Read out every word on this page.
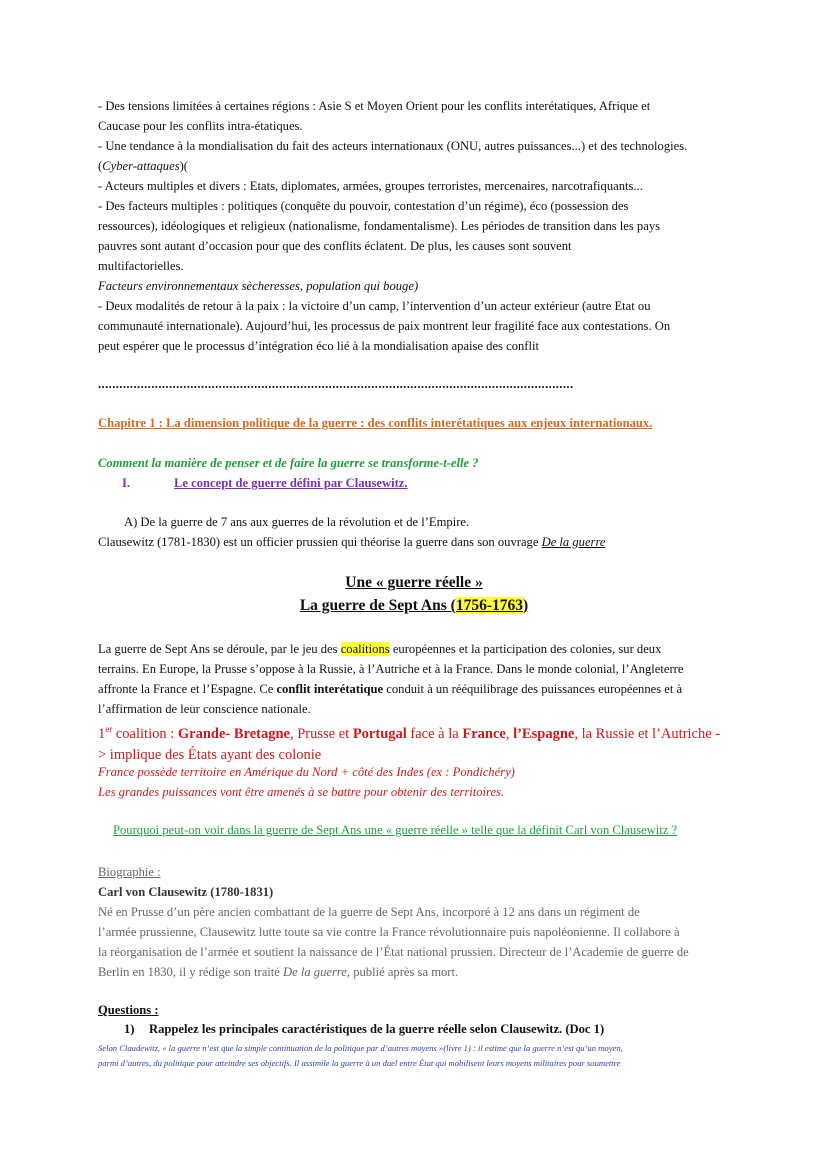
- Des tensions limitées à certaines régions : Asie S et Moyen Orient pour les conflits interétatiques, Afrique et
Caucase pour les conflits intra-étatiques.
- Une tendance à la mondialisation du fait des acteurs internationaux (ONU, autres puissances...) et des technologies.
(Cyber-attaques)(
- Acteurs multiples et divers : Etats, diplomates, armées, groupes terroristes, mercenaires, narcotrafiquants...
- Des facteurs multiples : politiques (conquête du pouvoir, contestation d’un régime), éco (possession des
ressources), idéologiques et religieux (nationalisme, fondamentalisme). Les périodes de transition dans les pays
pauvres sont autant d’occasion pour que des conflits éclatent. De plus, les causes sont souvent
multifactorielles.
Facteurs environnementaux sècheresses, population qui bouge)
- Deux modalités de retour à la paix : la victoire d’un camp, l’intervention d’un acteur extérieur (autre Etat ou
communauté internationale). Aujourd’hui, les processus de paix montrent leur fragilité face aux contestations. On
peut espérer que le processus d’intégration éco lié à la mondialisation apaise des conflit
......................................................................................................................................
Chapitre 1 : La dimension politique de la guerre : des conflits interétatiques aux enjeux internationaux.
Comment la manière de penser et de faire la guerre se transforme-t-elle ?
I.	Le concept de guerre défini par Clausewitz.
A) De la guerre de 7 ans aux guerres de la révolution et de l’Empire.
Clausewitz (1781-1830) est un officier prussien qui théorise la guerre dans son ouvrage De la guerre
Une « guerre réelle »
La guerre de Sept Ans (1756-1763)
La guerre de Sept Ans se déroule, par le jeu des coalitions européennes et la participation des colonies, sur deux
terrains. En Europe, la Prusse s’oppose à la Russie, à l’Autriche et à la France. Dans le monde colonial, l’Angleterre
affronte la France et l’Espagne. Ce conflit interétatique conduit à un rééquilibrage des puissances européennes et à
l’affirmation de leur conscience nationale.
1er coalition : Grande- Bretagne, Prusse et Portugal face à la France, l’Espagne, la Russie et l’Autriche -
> implique des États ayant des colonie
France possède territoire en Amérique du Nord + côté des Indes (ex : Pondichéry)
Les grandes puissances vont être amenés à se battre pour obtenir des territoires.
Pourquoi peut-on voir dans la guerre de Sept Ans une « guerre réelle » telle que la définit Carl von Clausewitz ?
Biographie :
Carl von Clausewitz (1780-1831)
Né en Prusse d’un père ancien combattant de la guerre de Sept Ans, incorporé à 12 ans dans un régiment de
l’armée prussienne, Clausewitz lutte toute sa vie contre la France révolutionnaire puis napoléonienne. Il collabore à
la réorganisation de l’armée et soutient la naissance de l’État national prussien. Directeur de l’Academie de guerre de
Berlin en 1830, il y rédige son traité De la guerre, publié après sa mort.
Questions :
1) Rappelez les principales caractéristiques de la guerre réelle selon Clausewitz. (Doc 1)
Selon Claudewitz, « la guerre n’est que la simple continuation de la politique par d’autres moyens »(livre 1) : il estime que la guerre n’est qu’un moyen,
parmi d’autres, du politique pour atteindre ses objectifs. Il assimile la guerre à un duel entre État qui mobilisent leurs moyens militaires pour soumettre
